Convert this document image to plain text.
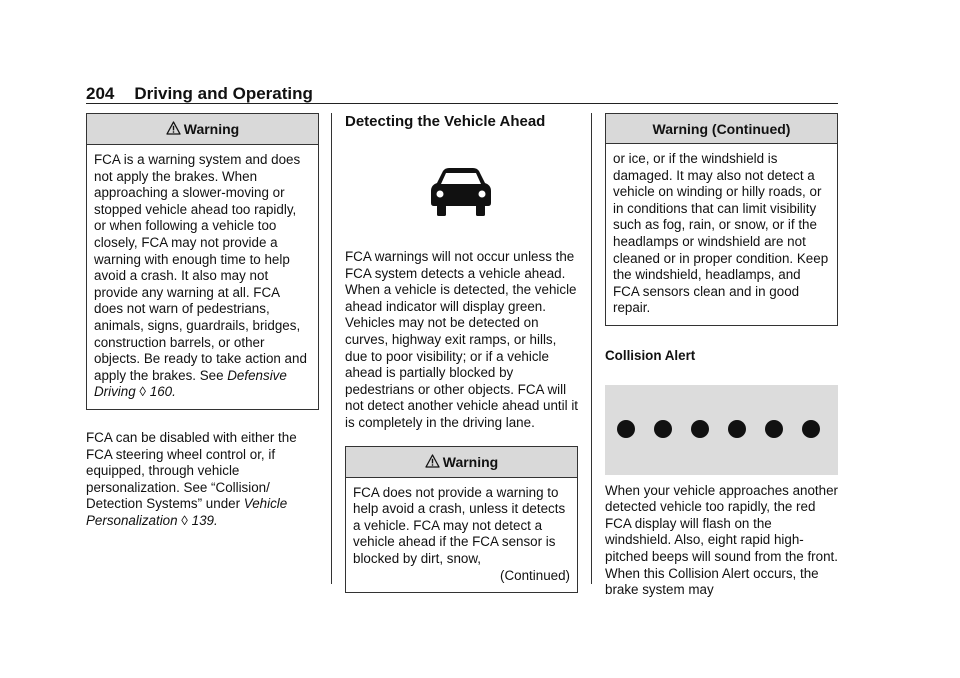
204 Driving and Operating
Warning
FCA is a warning system and does not apply the brakes. When approaching a slower-moving or stopped vehicle ahead too rapidly, or when following a vehicle too closely, FCA may not provide a warning with enough time to help avoid a crash. It also may not provide any warning at all. FCA does not warn of pedestrians, animals, signs, guardrails, bridges, construction barrels, or other objects. Be ready to take action and apply the brakes. See Defensive Driving ◊ 160.

FCA can be disabled with either the FCA steering wheel control or, if equipped, through vehicle personalization. See “Collision/ Detection Systems” under Vehicle Personalization ◊ 139.

Detecting the Vehicle Ahead

FCA warnings will not occur unless the FCA system detects a vehicle ahead. When a vehicle is detected, the vehicle ahead indicator will display green. Vehicles may not be detected on curves, highway exit ramps, or hills, due to poor visibility; or if a vehicle ahead is partially blocked by pedestrians or other objects. FCA will not detect another vehicle ahead until it is completely in the driving lane.

Warning
FCA does not provide a warning to help avoid a crash, unless it detects a vehicle. FCA may not detect a vehicle ahead if the FCA sensor is blocked by dirt, snow,
(Continued)
Warning (Continued)
or ice, or if the windshield is damaged. It may also not detect a vehicle on winding or hilly roads, or in conditions that can limit visibility such as fog, rain, or snow, or if the headlamps or windshield are not cleaned or in proper condition. Keep the windshield, headlamps, and FCA sensors clean and in good repair.
Collision Alert

When your vehicle approaches another detected vehicle too rapidly, the red FCA display will flash on the windshield. Also, eight rapid high-pitched beeps will sound from the front. When this Collision Alert occurs, the brake system may
